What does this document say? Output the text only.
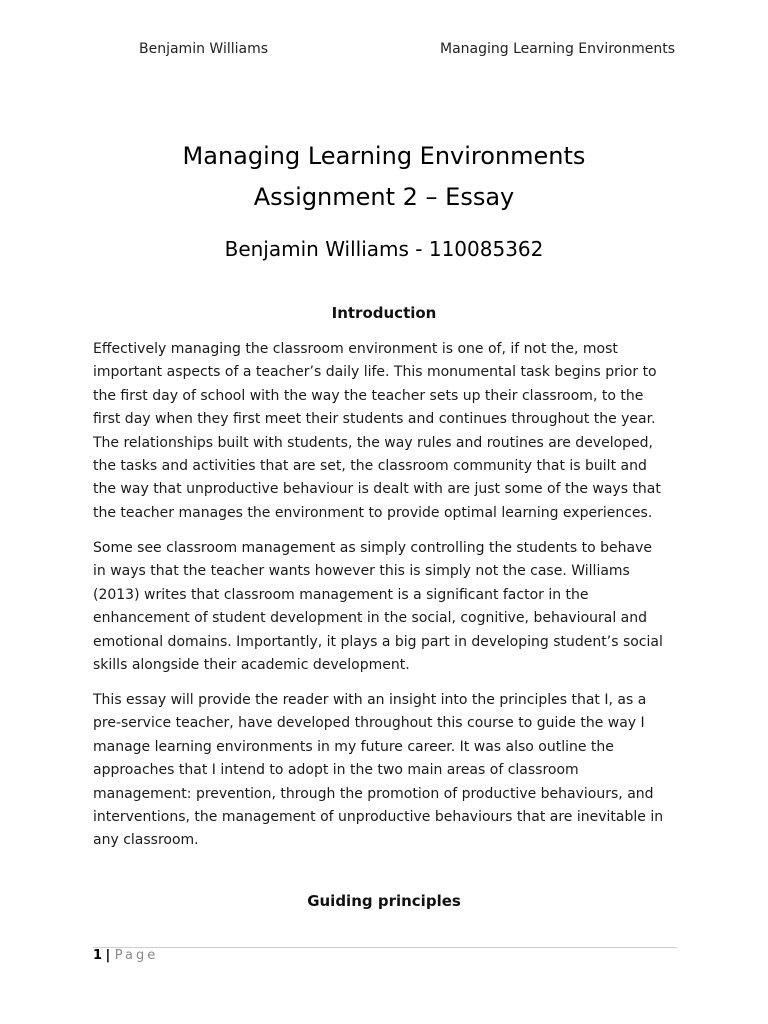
Benjamin Williams	Managing Learning Environments
Managing Learning Environments
Assignment 2 – Essay
Benjamin Williams - 110085362
Introduction
Effectively managing the classroom environment is one of, if not the, most
important aspects of a teacher’s daily life. This monumental task begins prior to
the first day of school with the way the teacher sets up their classroom, to the
first day when they first meet their students and continues throughout the year.
The relationships built with students, the way rules and routines are developed,
the tasks and activities that are set, the classroom community that is built and
the way that unproductive behaviour is dealt with are just some of the ways that
the teacher manages the environment to provide optimal learning experiences.
Some see classroom management as simply controlling the students to behave
in ways that the teacher wants however this is simply not the case. Williams
(2013) writes that classroom management is a significant factor in the
enhancement of student development in the social, cognitive, behavioural and
emotional domains. Importantly, it plays a big part in developing student’s social
skills alongside their academic development.
This essay will provide the reader with an insight into the principles that I, as a
pre-service teacher, have developed throughout this course to guide the way I
manage learning environments in my future career. It was also outline the
approaches that I intend to adopt in the two main areas of classroom
management: prevention, through the promotion of productive behaviours, and
interventions, the management of unproductive behaviours that are inevitable in
any classroom.
Guiding principles
1 | Page
